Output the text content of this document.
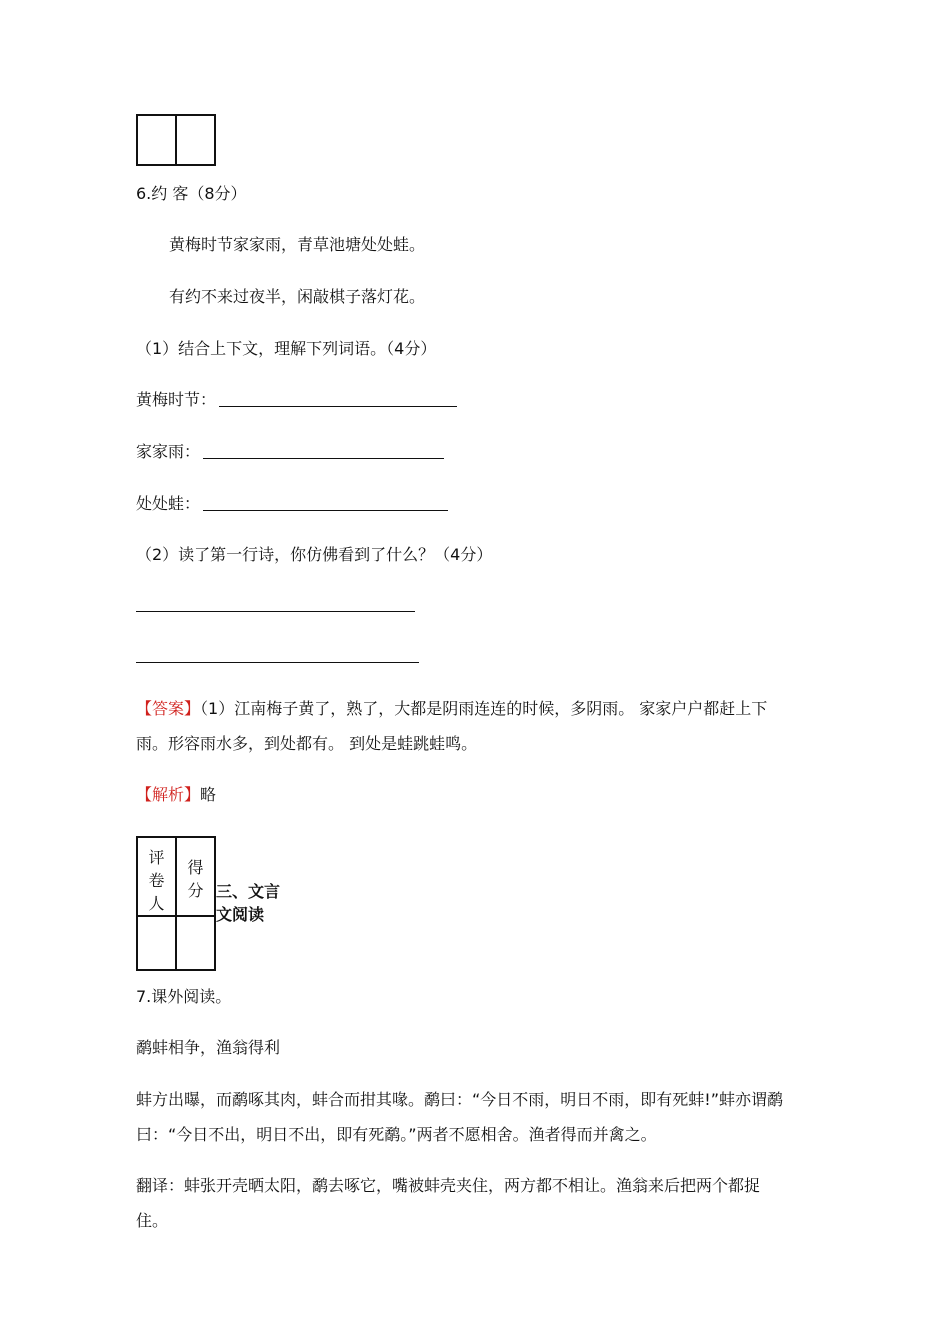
6.约 客（8分）
黄梅时节家家雨，青草池塘处处蛙。
有约不来过夜半，闲敲棋子落灯花。
（1）结合上下文，理解下列词语。（4分）
黄梅时节：
家家雨：
处处蛙：
（2）读了第一行诗，你仿佛看到了什么？（4分）
【答案】（1）江南梅子黄了，熟了，大都是阴雨连连的时候，多阴雨。 家家户户都赶上下
雨。形容雨水多，到处都有。 到处是蛙跳蛙鸣。
【解析】略
评卷人	得分

	三、文言
文阅读
7.课外阅读。
鹬蚌相争，渔翁得利
蚌方出曝，而鹬啄其肉，蚌合而拑其喙。鹬曰：“今日不雨，明日不雨，即有死蚌!”蚌亦谓鹬
曰：“今日不出，明日不出，即有死鹬。”两者不愿相舍。渔者得而并禽之。
翻译：蚌张开壳晒太阳，鹬去啄它，嘴被蚌壳夹住，两方都不相让。渔翁来后把两个都捉
住。
